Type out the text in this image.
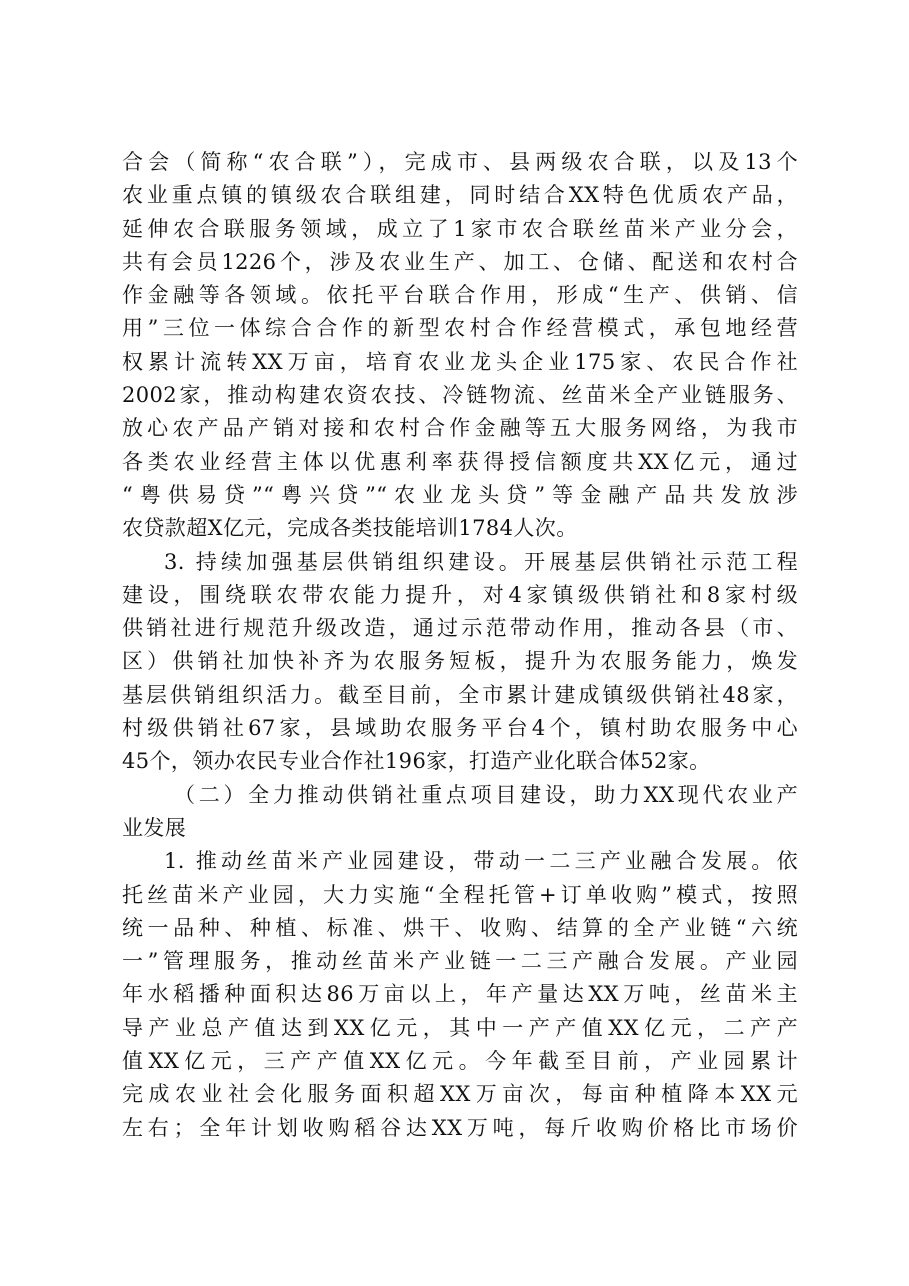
合会（简称“农合联”），完成市、县两级农合联，以及13个
农业重点镇的镇级农合联组建，同时结合XX特色优质农产品，
延伸农合联服务领域，成立了1家市农合联丝苗米产业分会，
共有会员1226个，涉及农业生产、加工、仓储、配送和农村合
作金融等各领域。依托平台联合作用，形成“生产、供销、信
用”三位一体综合合作的新型农村合作经营模式，承包地经营
权累计流转XX万亩，培育农业龙头企业175家、农民合作社
2002家，推动构建农资农技、冷链物流、丝苗米全产业链服务、
放心农产品产销对接和农村合作金融等五大服务网络，为我市
各类农业经营主体以优惠利率获得授信额度共XX亿元，通过
“粤供易贷”“粤兴贷”“农业龙头贷”等金融产品共发放涉
农贷款超X亿元，完成各类技能培训1784人次。
3. 持续加强基层供销组织建设。开展基层供销社示范工程
建设，围绕联农带农能力提升，对4家镇级供销社和8家村级
供销社进行规范升级改造，通过示范带动作用，推动各县（市、
区）供销社加快补齐为农服务短板，提升为农服务能力，焕发
基层供销组织活力。截至目前，全市累计建成镇级供销社48家，
村级供销社67家，县域助农服务平台4个，镇村助农服务中心
45个，领办农民专业合作社196家，打造产业化联合体52家。
（二）全力推动供销社重点项目建设，助力XX现代农业产
业发展
1. 推动丝苗米产业园建设，带动一二三产业融合发展。依
托丝苗米产业园，大力实施“全程托管+订单收购”模式，按照
统一品种、种植、标准、烘干、收购、结算的全产业链“六统
一”管理服务，推动丝苗米产业链一二三产融合发展。产业园
年水稻播种面积达86万亩以上，年产量达XX万吨，丝苗米主
导产业总产值达到XX亿元，其中一产产值XX亿元，二产产
值XX亿元，三产产值XX亿元。今年截至目前，产业园累计
完成农业社会化服务面积超XX万亩次，每亩种植降本XX元
左右；全年计划收购稻谷达XX万吨，每斤收购价格比市场价
